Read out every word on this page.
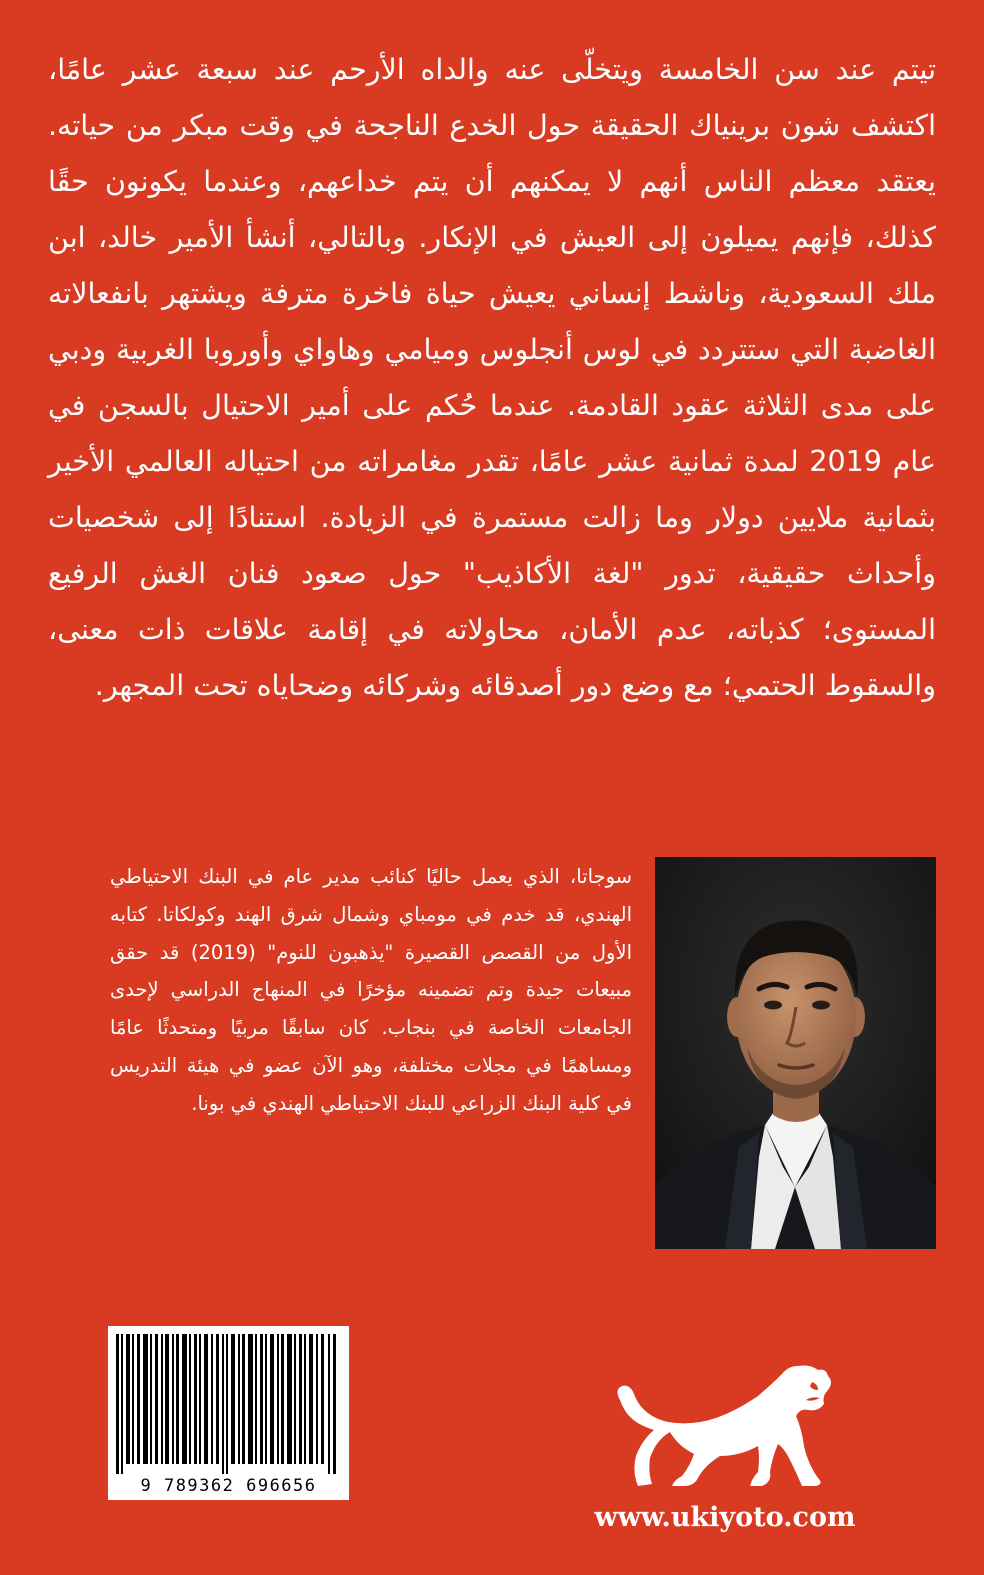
تيتم عند سن الخامسة ويتخلّى عنه والداه الأرحم عند سبعة عشر عامًا، اكتشف شون برينياك الحقيقة حول الخدع الناجحة في وقت مبكر من حياته. يعتقد معظم الناس أنهم لا يمكنهم أن يتم خداعهم، وعندما يكونون حقًا كذلك، فإنهم يميلون إلى العيش في الإنكار. وبالتالي، أنشأ الأمير خالد، ابن ملك السعودية، وناشط إنساني يعيش حياة فاخرة مترفة ويشتهر بانفعالاته الغاضبة التي ستتردد في لوس أنجلوس وميامي وهاواي وأوروبا الغربية ودبي على مدى الثلاثة عقود القادمة. عندما حُكم على أمير الاحتيال بالسجن في عام 2019 لمدة ثمانية عشر عامًا، تقدر مغامراته من احتياله العالمي الأخير بثمانية ملايين دولار وما زالت مستمرة في الزيادة. استنادًا إلى شخصيات وأحداث حقيقية، تدور "لغة الأكاذيب" حول صعود فنان الغش الرفيع المستوى؛ كذباته، عدم الأمان، محاولاته في إقامة علاقات ذات معنى، والسقوط الحتمي؛ مع وضع دور أصدقائه وشركائه وضحاياه تحت المجهر.

سوجاتا، الذي يعمل حاليًا كنائب مدير عام في البنك الاحتياطي الهندي، قد خدم في مومباي وشمال شرق الهند وكولكاتا. كتابه الأول من القصص القصيرة "يذهبون للنوم" (2019) قد حقق مبيعات جيدة وتم تضمينه مؤخرًا في المنهاج الدراسي لإحدى الجامعات الخاصة في بنجاب. كان سابقًا مربيًا ومتحدثًا عامًا ومساهمًا في مجلات مختلفة، وهو الآن عضو في هيئة التدريس في كلية البنك الزراعي للبنك الاحتياطي الهندي في بونا.

9 789362 696656
www.ukiyoto.com
